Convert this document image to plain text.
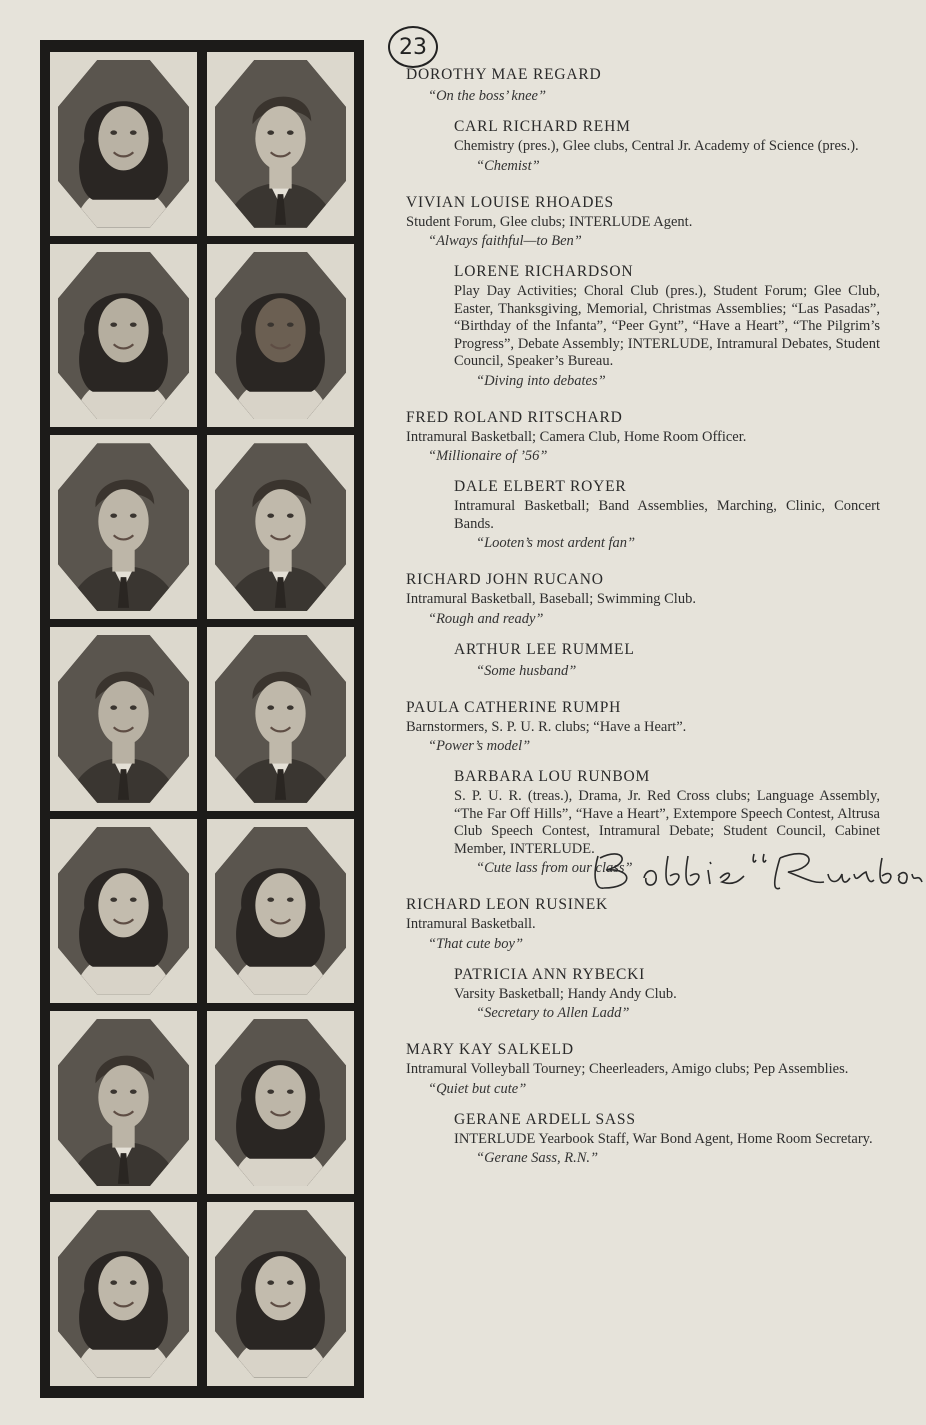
23
DOROTHY MAE REGARD
“On the boss’ knee”
CARL RICHARD REHM
Chemistry (pres.), Glee clubs, Central Jr. Academy of Science (pres.).
“Chemist”
VIVIAN LOUISE RHOADES
Student Forum, Glee clubs; INTERLUDE Agent.
“Always faithful—to Ben”
LORENE RICHARDSON
Play Day Activities; Choral Club (pres.), Student Forum; Glee Club, Easter, Thanksgiving, Memorial, Christmas Assemblies; “Las Pasadas”, “Birthday of the Infanta”, “Peer Gynt”, “Have a Heart”, “The Pilgrim’s Progress”, Debate Assembly; INTERLUDE, Intramural Debates, Student Council, Speaker’s Bureau.
“Diving into debates”
FRED ROLAND RITSCHARD
Intramural Basketball; Camera Club, Home Room Officer.
“Millionaire of ’56”
DALE ELBERT ROYER
Intramural Basketball; Band Assemblies, Marching, Clinic, Concert Bands.
“Looten’s most ardent fan”
RICHARD JOHN RUCANO
Intramural Basketball, Baseball; Swimming Club.
“Rough and ready”
ARTHUR LEE RUMMEL
“Some husband”
PAULA CATHERINE RUMPH
Barnstormers, S. P. U. R. clubs; “Have a Heart”.
“Power’s model”
BARBARA LOU RUNBOM
S. P. U. R. (treas.), Drama, Jr. Red Cross clubs; Language Assembly, “The Far Off Hills”, “Have a Heart”, Extempore Speech Contest, Altrusa Club Speech Contest, Intramural Debate; Student Council, Cabinet Member, INTERLUDE.
“Cute lass from our class”
RICHARD LEON RUSINEK
Intramural Basketball.
“That cute boy”
PATRICIA ANN RYBECKI
Varsity Basketball; Handy Andy Club.
“Secretary to Allen Ladd”
MARY KAY SALKELD
Intramural Volleyball Tourney; Cheerleaders, Amigo clubs; Pep Assemblies.
“Quiet but cute”
GERANE ARDELL SASS
INTERLUDE Yearbook Staff, War Bond Agent, Home Room Secretary.
“Gerane Sass, R.N.”
